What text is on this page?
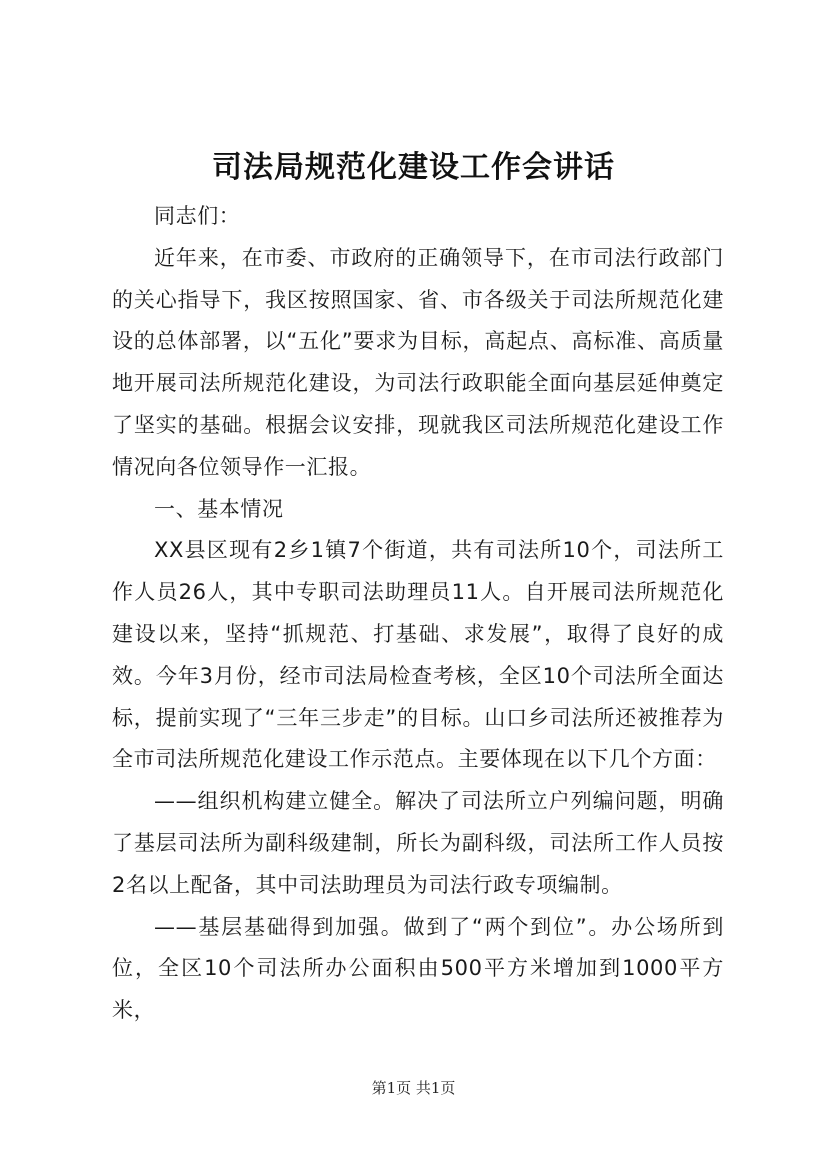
司法局规范化建设工作会讲话

同志们：

近年来，在市委、市政府的正确领导下，在市司法行政部门的关心指导下，我区按照国家、省、市各级关于司法所规范化建设的总体部署，以“五化”要求为目标，高起点、高标准、高质量地开展司法所规范化建设，为司法行政职能全面向基层延伸奠定了坚实的基础。根据会议安排，现就我区司法所规范化建设工作情况向各位领导作一汇报。

一、基本情况

XX县区现有2乡1镇7个街道，共有司法所10个，司法所工作人员26人，其中专职司法助理员11人。自开展司法所规范化建设以来，坚持“抓规范、打基础、求发展”，取得了良好的成效。今年3月份，经市司法局检查考核，全区10个司法所全面达标，提前实现了“三年三步走”的目标。山口乡司法所还被推荐为全市司法所规范化建设工作示范点。主要体现在以下几个方面：

——组织机构建立健全。解决了司法所立户列编问题，明确了基层司法所为副科级建制，所长为副科级，司法所工作人员按2名以上配备，其中司法助理员为司法行政专项编制。

——基层基础得到加强。做到了“两个到位”。办公场所到位，全区10个司法所办公面积由500平方米增加到1000平方米，

第1页 共1页
